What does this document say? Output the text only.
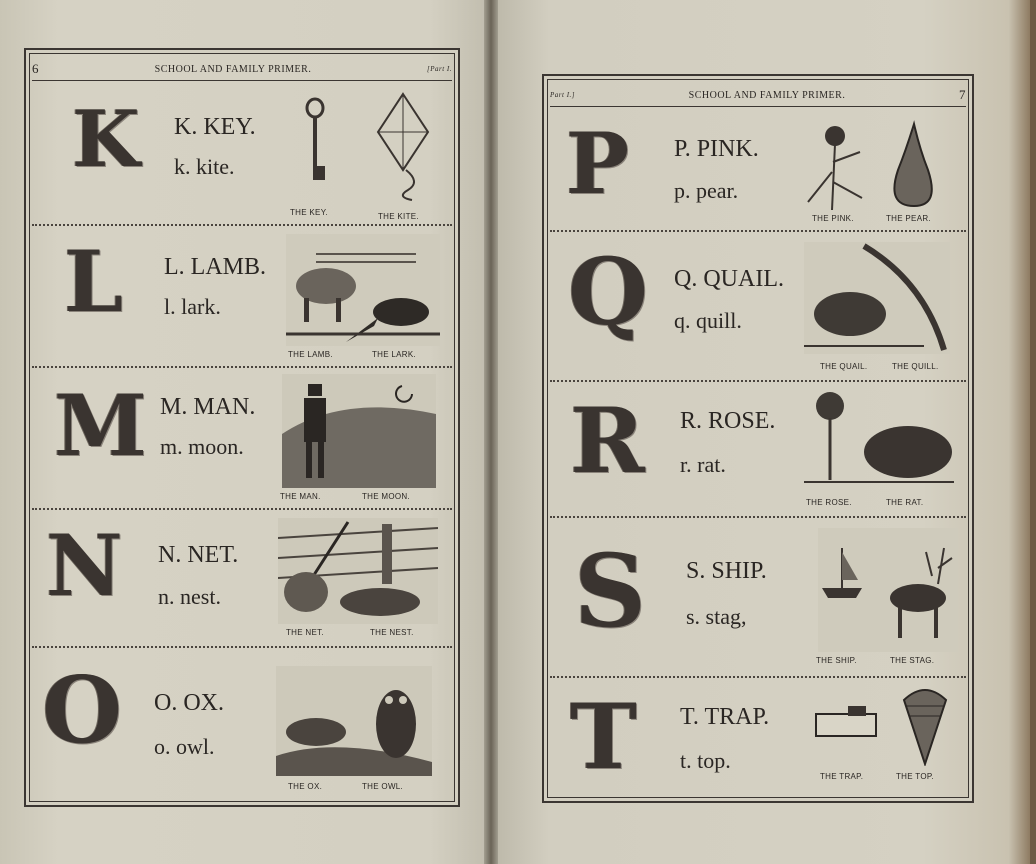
6	SCHOOL AND FAMILY PRIMER.	[Part I.
K K. KEY.
k. kite.
THE KEY.	THE KITE.
L L. LAMB.
l. lark.
THE LAMB.	THE LARK.
M M. MAN.
m. moon.
THE MAN.	THE MOON.
N N. NET.
n. nest.
THE NET.	THE NEST.
O O. OX.
o. owl.
THE OX.	THE OWL.
Part I.]	SCHOOL AND FAMILY PRIMER.	7
P P. PINK.
p. pear.
THE PINK.	THE PEAR.
Q Q. QUAIL.
q. quill.
THE QUAIL.	THE QUILL.
R R. ROSE.
r. rat.
THE ROSE.	THE RAT.
S S. SHIP.
s. stag,
THE SHIP.	THE STAG.
T T. TRAP.
t. top.
THE TRAP.	THE TOP.
